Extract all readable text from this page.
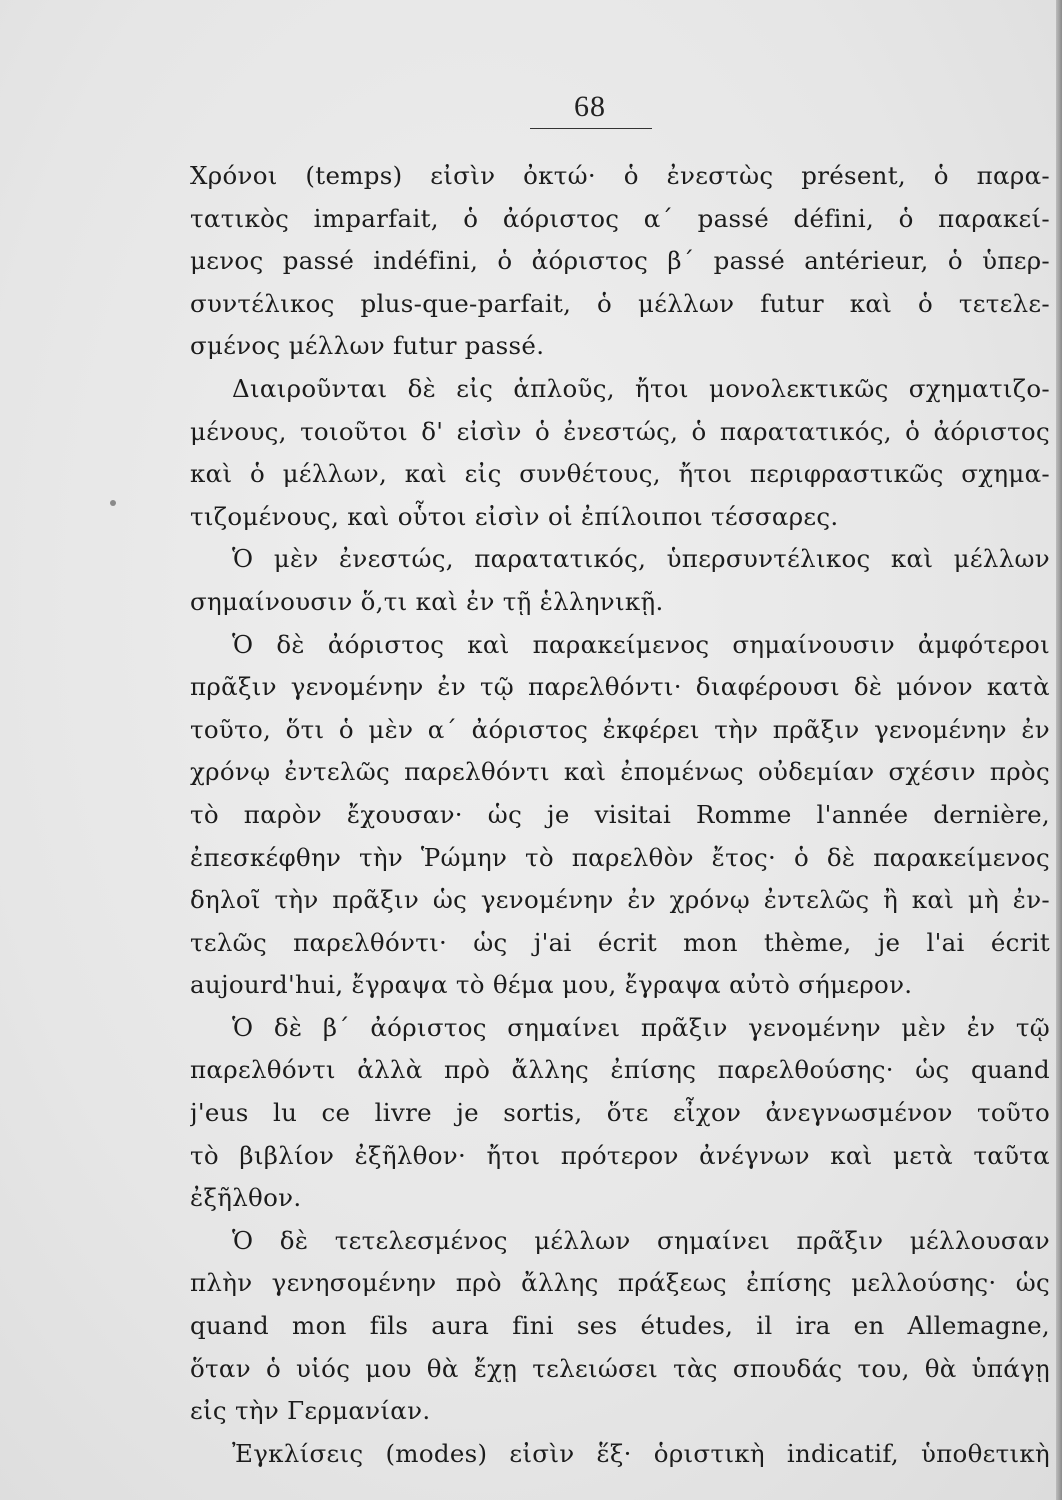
68
Χρόνοι (temps) εἰσὶν ὀκτώ· ὁ ἐνεστὼς présent, ὁ παρα-
τατικὸς imparfait, ὁ ἀόριστος α΄ passé défini, ὁ παρακεί-
μενος passé indéfini, ὁ ἀόριστος β΄ passé antérieur, ὁ ὑπερ-
συντέλικος plus-que-parfait, ὁ μέλλων futur καὶ ὁ τετελε-
σμένος μέλλων futur passé.
Διαιροῦνται δὲ εἰς ἁπλοῦς, ἤτοι μονολεκτικῶς σχηματιζο-
μένους, τοιοῦτοι δ' εἰσὶν ὁ ἐνεστώς, ὁ παρατατικός, ὁ ἀόριστος
καὶ ὁ μέλλων, καὶ εἰς συνθέτους, ἤτοι περιφραστικῶς σχημα-
τιζομένους, καὶ οὗτοι εἰσὶν οἱ ἐπίλοιποι τέσσαρες.
Ὁ μὲν ἐνεστώς, παρατατικός, ὑπερσυντέλικος καὶ μέλλων
σημαίνουσιν ὅ,τι καὶ ἐν τῇ ἑλληνικῇ.
Ὁ δὲ ἀόριστος καὶ παρακείμενος σημαίνουσιν ἀμφότεροι
πρᾶξιν γενομένην ἐν τῷ παρελθόντι· διαφέρουσι δὲ μόνον κατὰ
τοῦτο, ὅτι ὁ μὲν α΄ ἀόριστος ἐκφέρει τὴν πρᾶξιν γενομένην ἐν
χρόνῳ ἐντελῶς παρελθόντι καὶ ἐπομένως οὐδεμίαν σχέσιν πρὸς
τὸ παρὸν ἔχουσαν· ὡς je visitai Romme l'année dernière,
ἐπεσκέφθην τὴν Ῥώμην τὸ παρελθὸν ἔτος· ὁ δὲ παρακείμενος
δηλοῖ τὴν πρᾶξιν ὡς γενομένην ἐν χρόνῳ ἐντελῶς ἢ καὶ μὴ ἐν-
τελῶς παρελθόντι· ὡς j'ai écrit mon thème, je l'ai écrit
aujourd'hui, ἔγραψα τὸ θέμα μου, ἔγραψα αὐτὸ σήμερον.
Ὁ δὲ β΄ ἀόριστος σημαίνει πρᾶξιν γενομένην μὲν ἐν τῷ
παρελθόντι ἀλλὰ πρὸ ἄλλης ἐπίσης παρελθούσης· ὡς quand
j'eus lu ce livre je sortis, ὅτε εἶχον ἀνεγνωσμένον τοῦτο
τὸ βιβλίον ἐξῆλθον· ἤτοι πρότερον ἀνέγνων καὶ μετὰ ταῦτα
ἐξῆλθον.
Ὁ δὲ τετελεσμένος μέλλων σημαίνει πρᾶξιν μέλλουσαν
πλὴν γενησομένην πρὸ ἄλλης πράξεως ἐπίσης μελλούσης· ὡς
quand mon fils aura fini ses études, il ira en Allemagne,
ὅταν ὁ υἱός μου θὰ ἔχῃ τελειώσει τὰς σπουδάς του, θὰ ὑπάγῃ
εἰς τὴν Γερμανίαν.
Ἐγκλίσεις (modes) εἰσὶν ἕξ· ὁριστικὴ indicatif, ὑποθετικὴ
